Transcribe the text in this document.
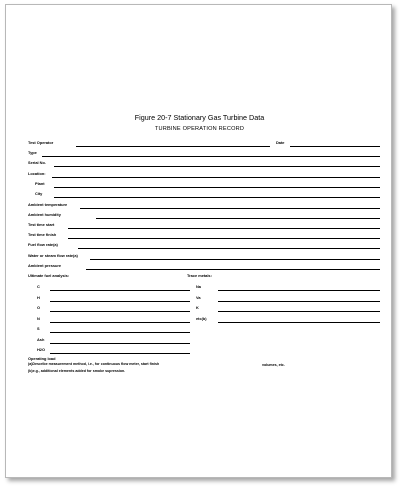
Figure 20-7 Stationary Gas Turbine Data
TURBINE OPERATION RECORD
Test Operator	Date
Type
Serial No.
Location:
Plant
City
Ambient temperature
Ambient humidity
Test time start
Test time finish
Fuel flow rate(a)
Water or steam flow rate(a)
Ambient pressure
Ultimate fuel analysis:	Trace metals:
C	Na
H	Va
O	K
N	etc(b)
S
Ash
H2O
Operating load
(a)Describe measurement method, i.e., for continuous flow meter, start finish	volumes, etc.
(b)e.g., additional elements added for smoke supression.
